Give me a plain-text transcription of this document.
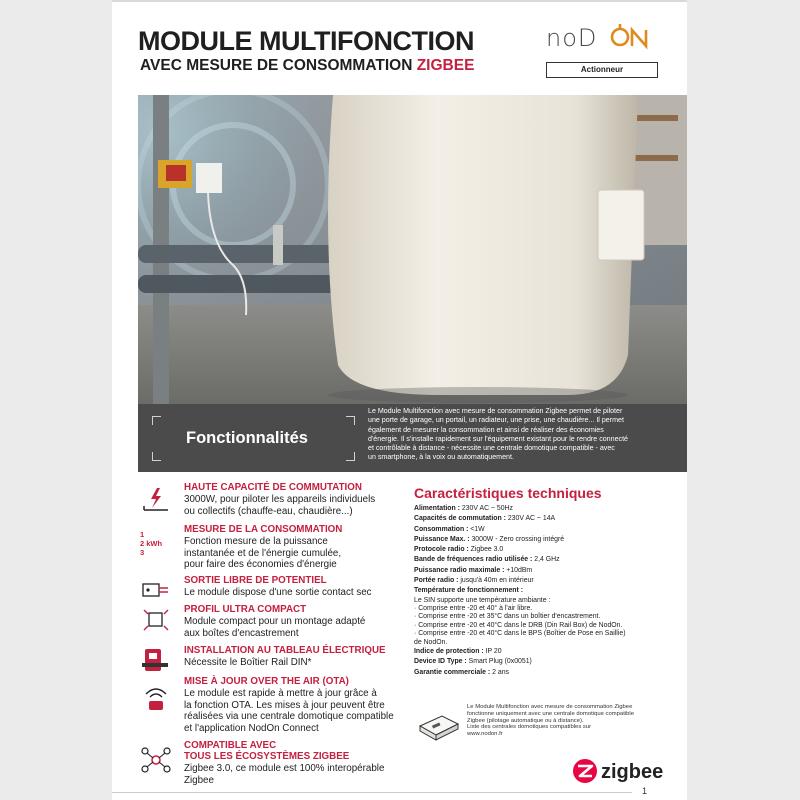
MODULE MULTIFONCTION
AVEC MESURE DE CONSOMMATION ZIGBEE
noD
Actionneur
Fonctionnalités
Le Module Multifonction avec mesure de consommation Zigbee permet de piloter
une porte de garage, un portail, un radiateur, une prise, une chaudière... Il permet
également de mesurer la consommation et ainsi de réaliser des économies
d'énergie. Il s'installe rapidement sur l'équipement existant pour le rendre connecté
et contrôlable à distance - nécessite une centrale domotique compatible - avec
un smartphone, à la voix ou automatiquement.
HAUTE CAPACITÉ DE COMMUTATION
3000W, pour piloter les appareils individuels
ou collectifs (chauffe-eau, chaudière...)
1
2 kWh
3
MESURE DE LA CONSOMMATION
Fonction mesure de la puissance
instantanée et de l'énergie cumulée,
pour faire des économies d'énergie
SORTIE LIBRE DE POTENTIEL
Le module dispose d'une sortie contact sec
PROFIL ULTRA COMPACT
Module compact pour un montage adapté
aux boîtes d'encastrement
INSTALLATION AU TABLEAU ÉLECTRIQUE
Nécessite le Boîtier Rail DIN*
MISE À JOUR OVER THE AIR (OTA)
Le module est rapide à mettre à jour grâce à
la fonction OTA. Les mises à jour peuvent être
réalisées via une centrale domotique compatible
et l'application NodOn Connect
COMPATIBLE AVEC
TOUS LES ÉCOSYSTÈMES ZIGBEE
Zigbee 3.0, ce module est 100% interopérable
Zigbee
Caractéristiques techniques
Alimentation : 230V AC ~ 50Hz
Capacités de commutation : 230V AC ~ 14A
Consommation : <1W
Puissance Max. : 3000W - Zero crossing intégré
Protocole radio : Zigbee 3.0
Bande de fréquences radio utilisée : 2,4 GHz
Puissance radio maximale : +10dBm
Portée radio : jusqu'à 40m en intérieur
Température de fonctionnement :
Le SIN supporte une température ambiante :
· Comprise entre -20 et 40° à l'air libre.
· Comprise entre -20 et 35°C dans un boîtier d'encastrement.
· Comprise entre -20 et 40°C dans le DRB (Din Rail Box) de NodOn.
· Comprise entre -20 et 40°C dans le BPS (Boîtier de Pose en Saillie)
de NodOn.
Indice de protection : IP 20
Device ID Type : Smart Plug (0x0051)
Garantie commerciale : 2 ans
Le Module Multifonction avec mesure de consommation Zigbee
fonctionne uniquement avec une centrale domotique compatible
Zigbee (pilotage automatique ou à distance).
Liste des centrales domotiques compatibles sur
www.nodon.fr
zigbee
1
